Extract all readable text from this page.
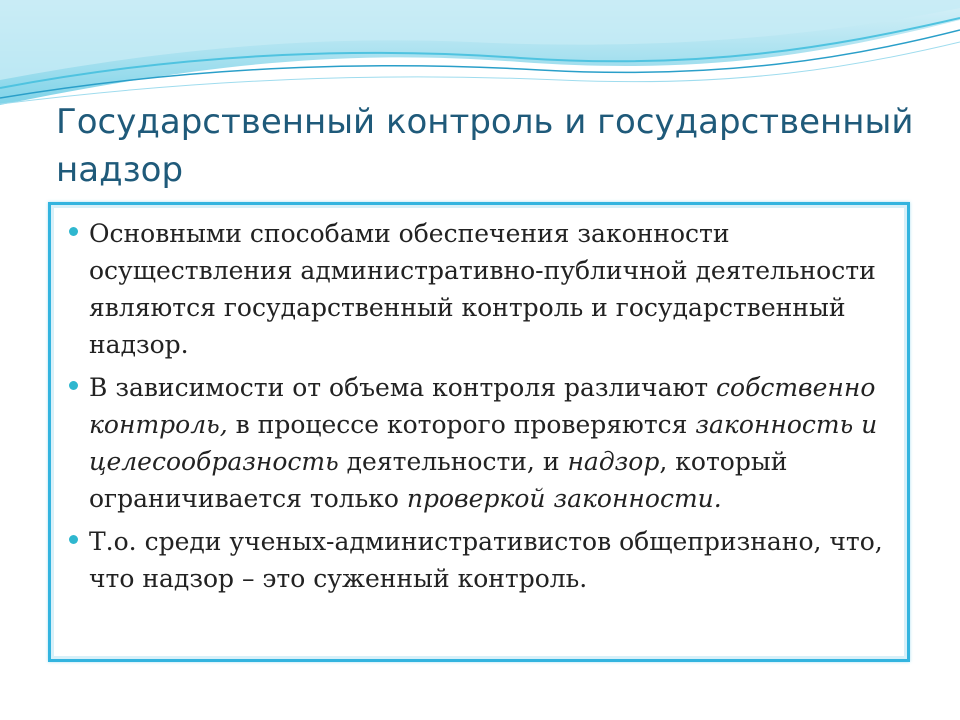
Государственный контроль и государственный надзор
Основными способами обеспечения законности осуществления административно-публичной деятельности являются государственный контроль и государственный надзор.
В зависимости от объема контроля различают собственно контроль, в процессе которого проверяются законность и целесообразность деятельности, и надзор, который ограничивается только проверкой законности.
Т.о. среди ученых-административистов общепризнано, что, что надзор – это суженный контроль.
